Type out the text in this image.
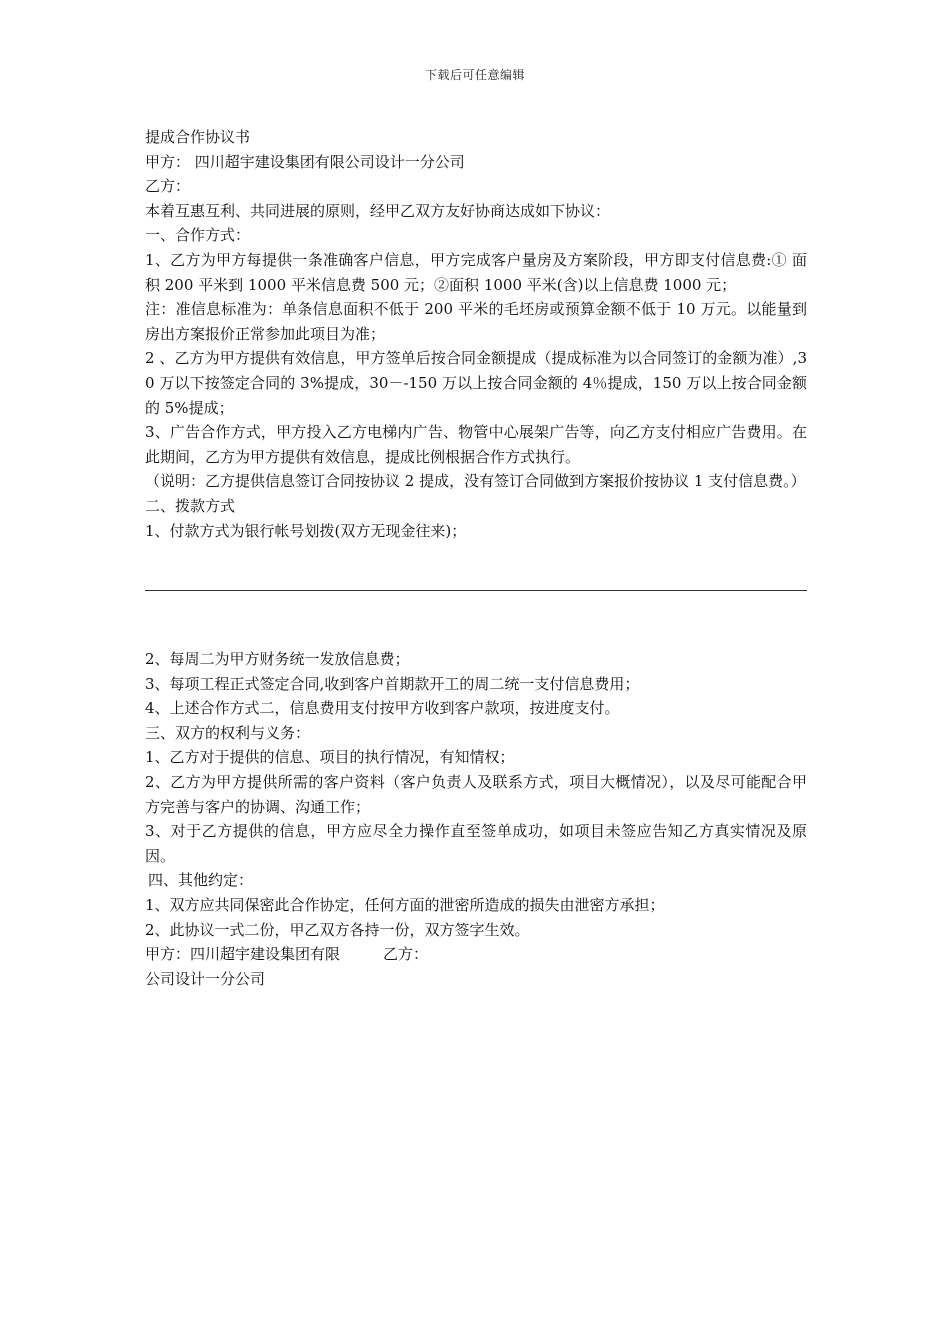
下载后可任意编辑

提成合作协议书

甲方： 四川超宇建设集团有限公司设计一分公司

乙方：

本着互惠互利、共同进展的原则，经甲乙双方友好协商达成如下协议：

一、合作方式：

1、乙方为甲方每提供一条准确客户信息，甲方完成客户量房及方案阶段，甲方即支付信息费:① 面积 200 平米到 1000 平米信息费 500 元；②面积 1000 平米(含)以上信息费 1000 元；

注：准信息标准为：单条信息面积不低于 200 平米的毛坯房或预算金额不低于 10 万元。以能量到房出方案报价正常参加此项目为准；

2 、乙方为甲方提供有效信息，甲方签单后按合同金额提成（提成标准为以合同签订的金额为准）,30 万以下按签定合同的 3%提成，30－-150 万以上按合同金额的 4％提成，150 万以上按合同金额的 5%提成；

3、广告合作方式，甲方投入乙方电梯内广告、物管中心展架广告等，向乙方支付相应广告费用。在此期间，乙方为甲方提供有效信息，提成比例根据合作方式执行。

（说明：乙方提供信息签订合同按协议 2 提成，没有签订合同做到方案报价按协议 1 支付信息费。）

二、拨款方式

1、付款方式为银行帐号划拨(双方无现金往来)；

2、每周二为甲方财务统一发放信息费；

3、每项工程正式签定合同,收到客户首期款开工的周二统一支付信息费用；

4、上述合作方式二，信息费用支付按甲方收到客户款项，按进度支付。

三、双方的权利与义务：

1、乙方对于提供的信息、项目的执行情况，有知情权；

2、乙方为甲方提供所需的客户资料（客户负责人及联系方式，项目大概情况），以及尽可能配合甲方完善与客户的协调、沟通工作；

3、对于乙方提供的信息，甲方应尽全力操作直至签单成功，如项目未签应告知乙方真实情况及原因。

四、其他约定：

1、双方应共同保密此合作协定，任何方面的泄密所造成的损失由泄密方承担；

2、此协议一式二份，甲乙双方各持一份，双方签字生效。

甲方：四川超宇建设集团有限	乙方：

公司设计一分公司
